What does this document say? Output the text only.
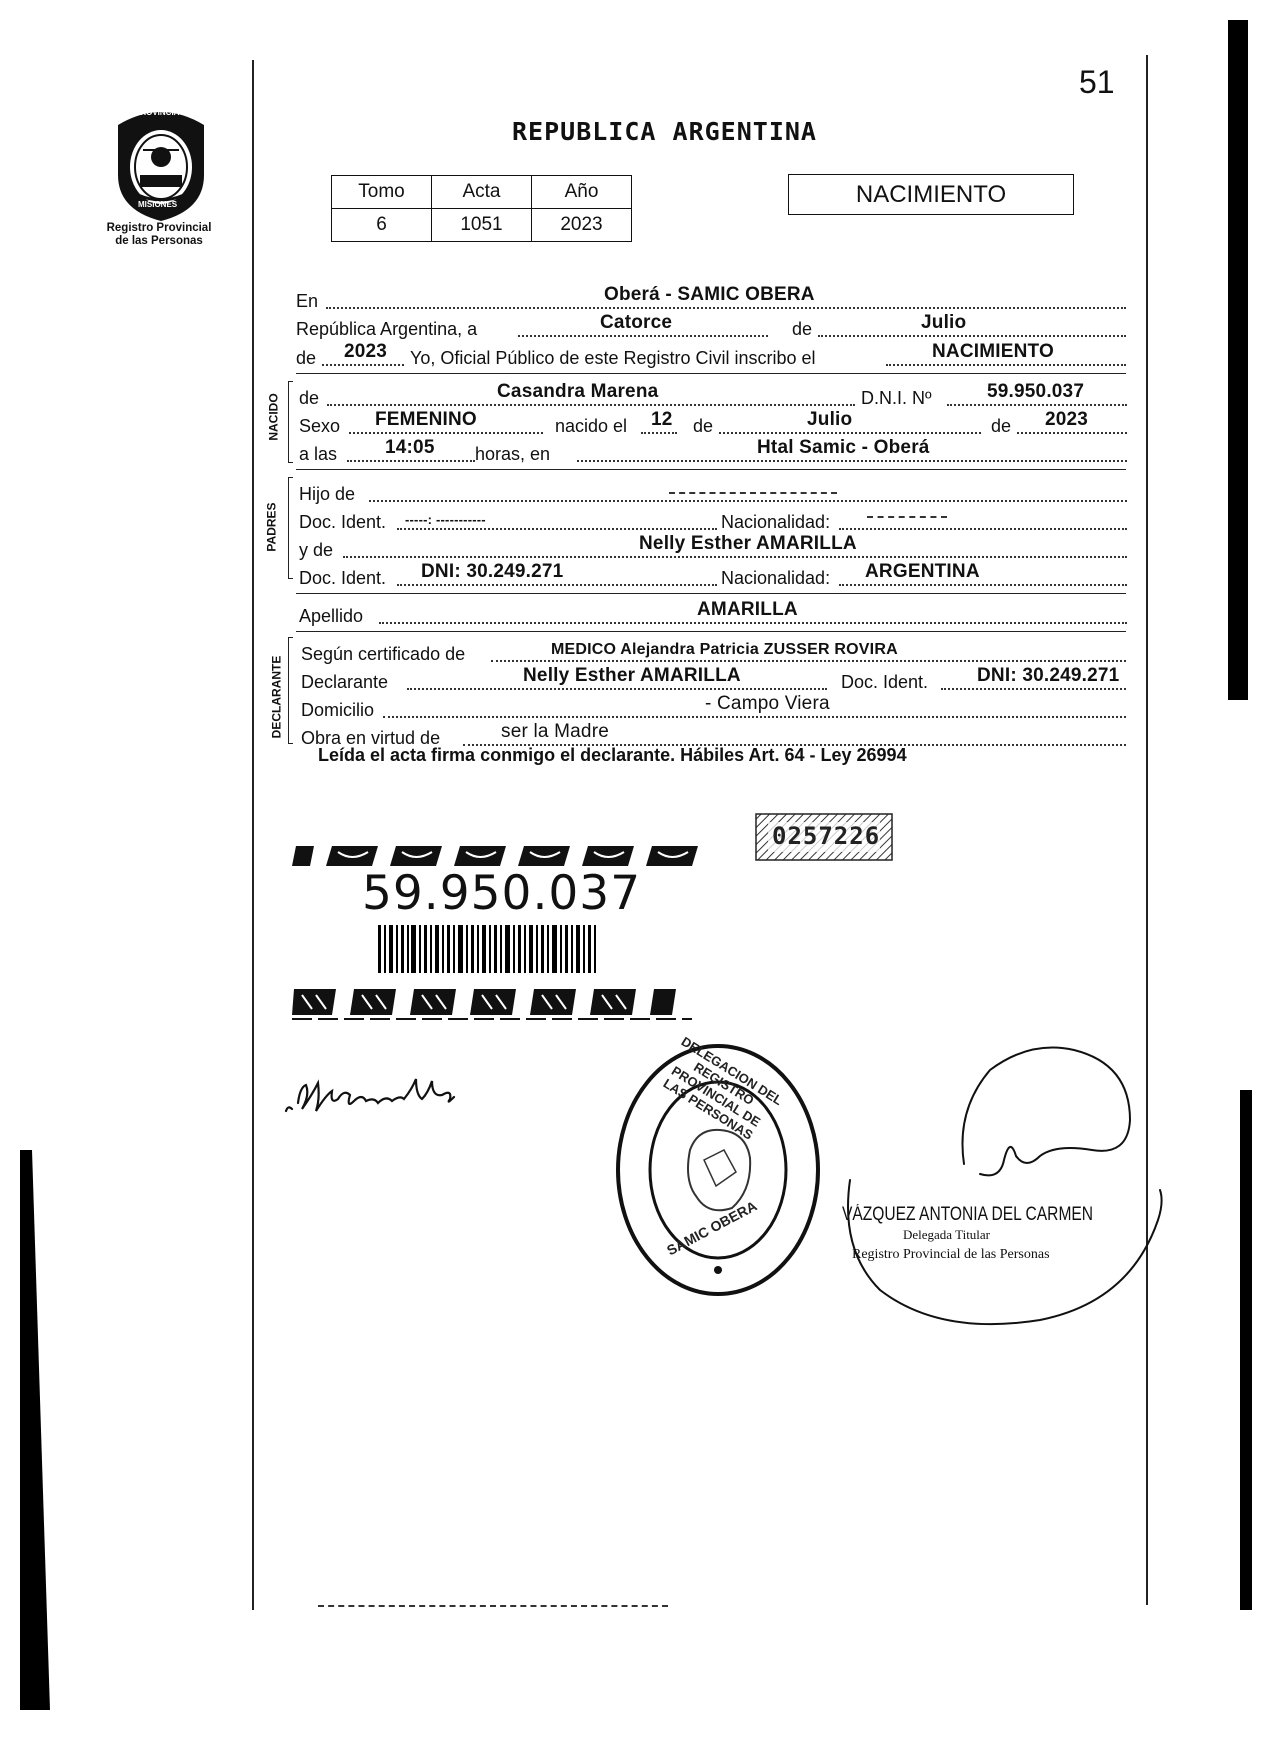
51
PROVINCIA DE
MISIONES
Registro Provincial de las Personas
REPUBLICA ARGENTINA
Tomo	Acta	Año
6	1051	2023
NACIMIENTO
En	Oberá - SAMIC OBERA
República Argentina, a	Catorce	de	Julio
de 2023 Yo, Oficial Público de este Registro Civil inscribo el	NACIMIENTO
NACIDO de	Casandra Marena	D.N.I. Nº	59.950.037
Sexo FEMENINO	nacido el 12 de	Julio	de 2023
a las	14:05 horas, en	Htal Samic - Oberá
PADRES
Hijo de
Doc. Ident. -----: -----------	Nacionalidad:
y de	Nelly Esther AMARILLA
Doc. Ident. DNI: 30.249.271	Nacionalidad: ARGENTINA
Apellido	AMARILLA
DECLARANTE
Según certificado de	MEDICO Alejandra Patricia ZUSSER ROVIRA
Declarante	Nelly Esther AMARILLA	Doc. Ident.	DNI: 30.249.271
Domicilio	- Campo Viera
Obra en virtud de	ser la Madre
Leída el acta firma conmigo el declarante. Hábiles Art. 64 - Ley 26994
0257226
59.950.037
DELEGACION DEL REGISTRO PROVINCIAL DE LAS PERSONAS
SAMIC OBERA	VÁZQUEZ ANTONIA DEL CARMEN
Delegada Titular
Registro Provincial de las Personas
